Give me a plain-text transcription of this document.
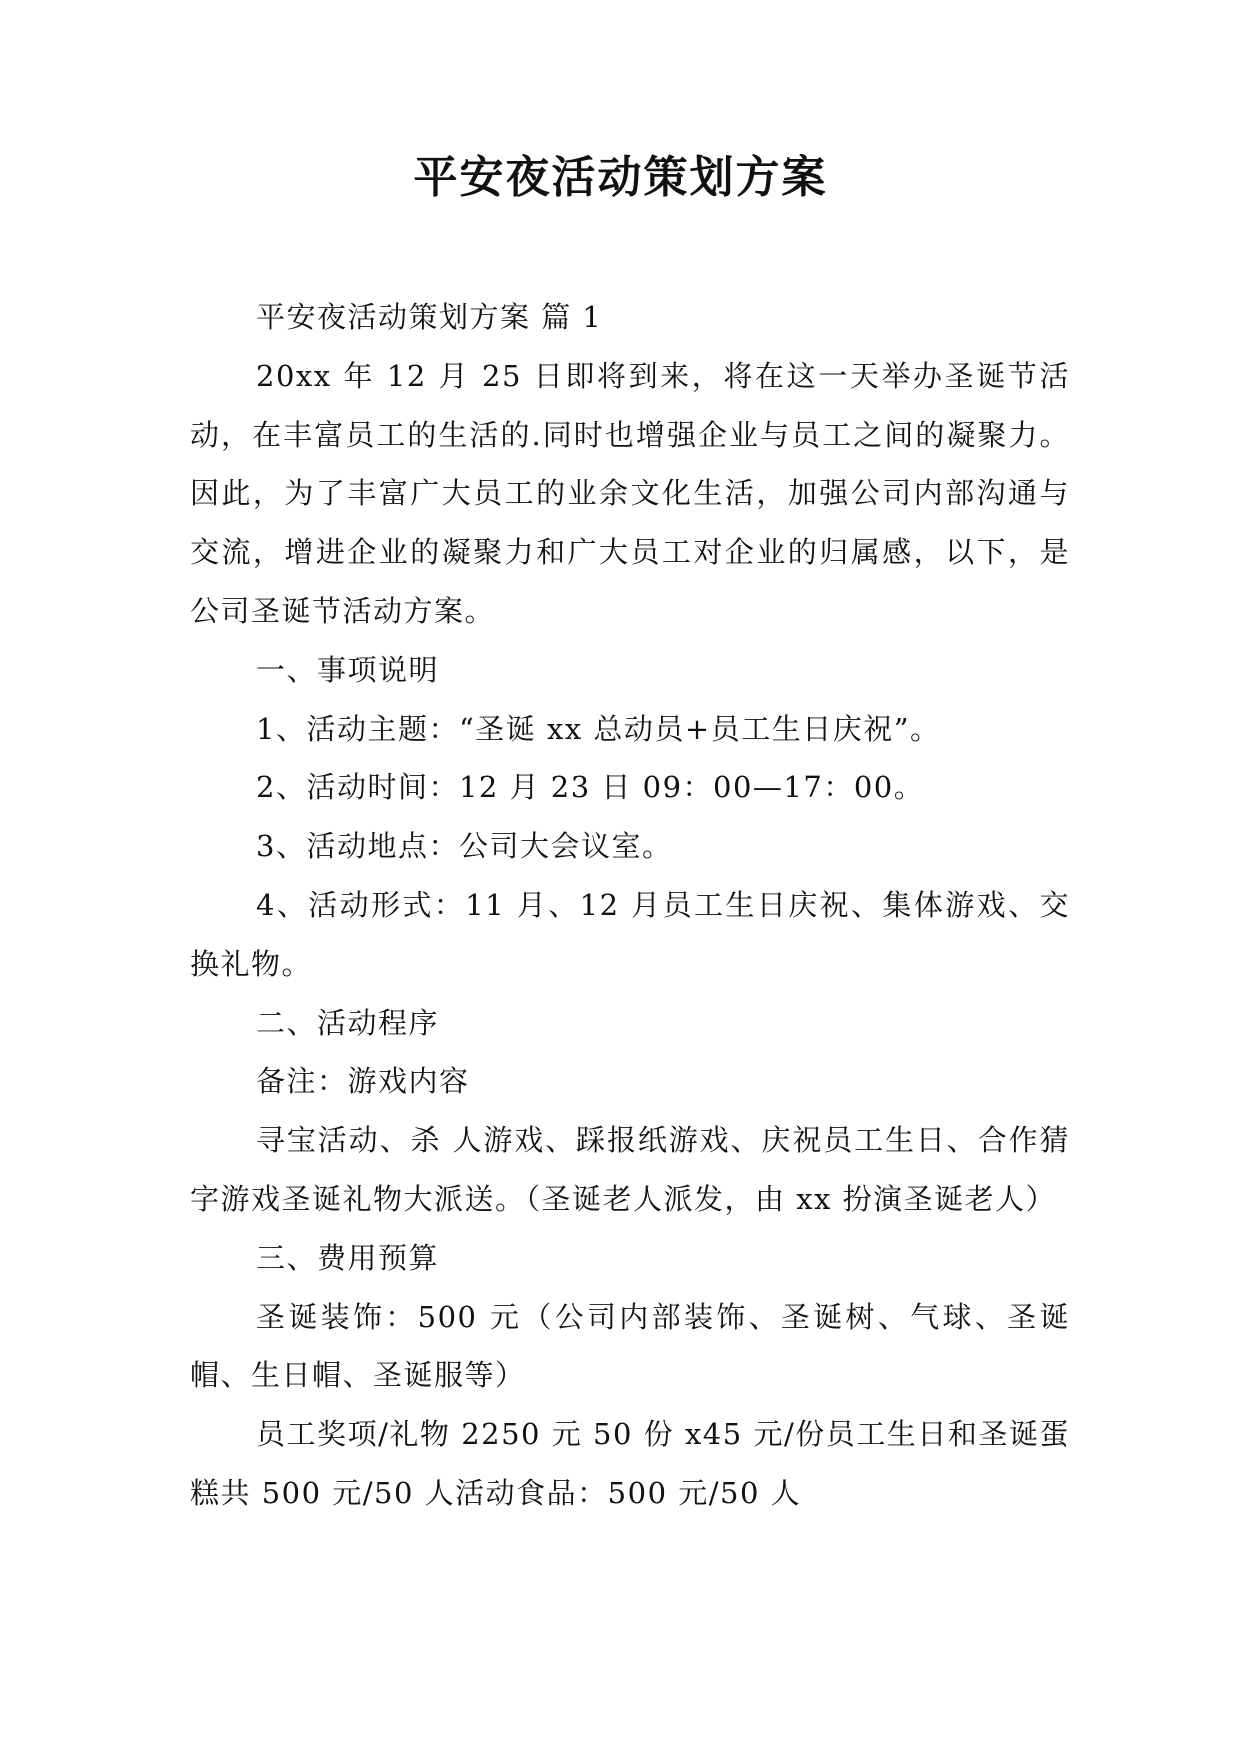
平安夜活动策划方案

平安夜活动策划方案 篇 1

20xx 年 12 月 25 日即将到来，将在这一天举办圣诞节活动，在丰富员工的生活的.同时也增强企业与员工之间的凝聚力。因此，为了丰富广大员工的业余文化生活，加强公司内部沟通与交流，增进企业的凝聚力和广大员工对企业的归属感，以下，是公司圣诞节活动方案。

一、事项说明

1、活动主题：“圣诞 xx 总动员+员工生日庆祝”。

2、活动时间：12 月 23 日 09：00—17：00。

3、活动地点：公司大会议室。

4、活动形式：11 月、12 月员工生日庆祝、集体游戏、交换礼物。

二、活动程序

备注：游戏内容

寻宝活动、杀 人游戏、踩报纸游戏、庆祝员工生日、合作猜字游戏圣诞礼物大派送。（圣诞老人派发，由 xx 扮演圣诞老人）

三、费用预算

圣诞装饰：500 元（公司内部装饰、圣诞树、气球、圣诞帽、生日帽、圣诞服等）

员工奖项/礼物 2250 元 50 份 x45 元/份员工生日和圣诞蛋糕共 500 元/50 人活动食品：500 元/50 人
